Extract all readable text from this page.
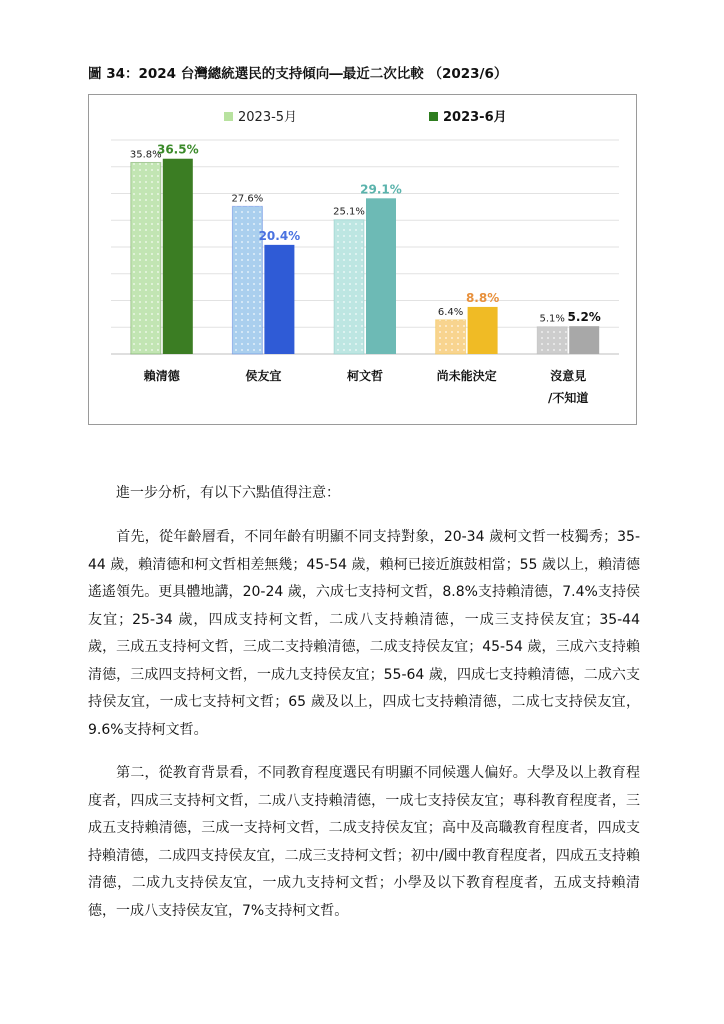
圖 34：2024 台灣總統選民的支持傾向―最近二次比較 （2023/6）
2023-5月	2023-6月
35.8%
36.5%
賴清德
27.6%
20.4%
侯友宜
25.1%
29.1%
柯文哲
6.4%
8.8%
尚未能決定
5.1% 5.2%
沒意見/不知道
進一步分析，有以下六點值得注意：
首先，從年齡層看，不同年齡有明顯不同支持對象，20-34 歲柯文哲一枝獨秀；35-44 歲，賴清德和柯文哲相差無幾；45-54 歲，賴柯已接近旗鼓相當；55 歲以上，賴清德遙遙領先。更具體地講，20-24 歲，六成七支持柯文哲，8.8%支持賴清德，7.4%支持侯友宜；25-34 歲，四成支持柯文哲，二成八支持賴清德，一成三支持侯友宜；35-44 歲，三成五支持柯文哲，三成二支持賴清德，二成支持侯友宜；45-54 歲，三成六支持賴清德，三成四支持柯文哲，一成九支持侯友宜；55-64 歲，四成七支持賴清德，二成六支持侯友宜，一成七支持柯文哲；65 歲及以上，四成七支持賴清德，二成七支持侯友宜，9.6%支持柯文哲。
第二，從教育背景看，不同教育程度選民有明顯不同候選人偏好。大學及以上教育程度者，四成三支持柯文哲，二成八支持賴清德，一成七支持侯友宜；專科教育程度者，三成五支持賴清德，三成一支持柯文哲，二成支持侯友宜；高中及高職教育程度者，四成支持賴清德，二成四支持侯友宜，二成三支持柯文哲；初中/國中教育程度者，四成五支持賴清德，二成九支持侯友宜，一成九支持柯文哲；小學及以下教育程度者，五成支持賴清德，一成八支持侯友宜，7%支持柯文哲。
